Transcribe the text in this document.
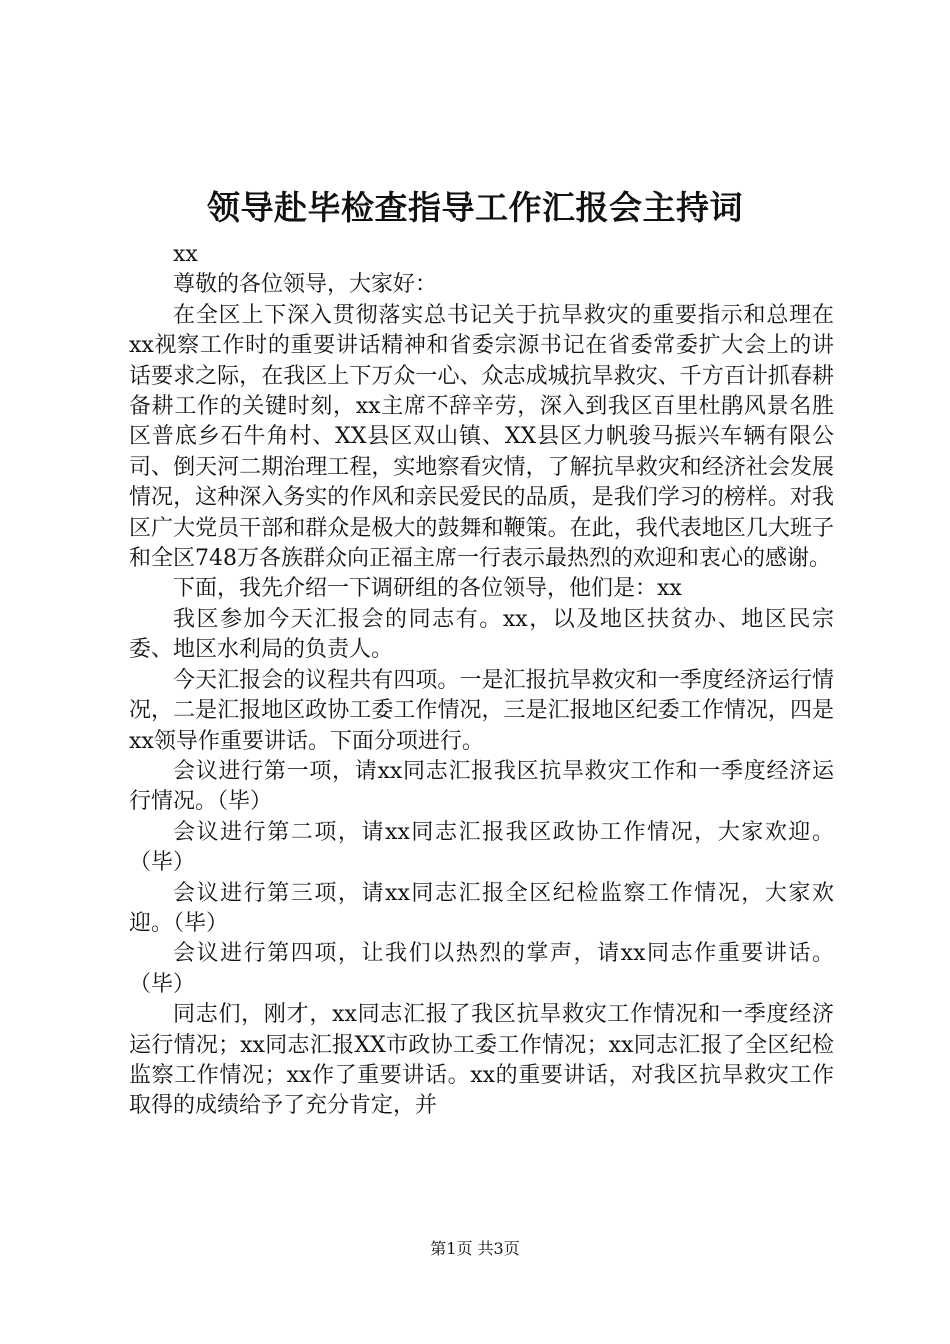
领导赴毕检查指导工作汇报会主持词

xx

尊敬的各位领导，大家好：

在全区上下深入贯彻落实总书记关于抗旱救灾的重要指示和总理在xx视察工作时的重要讲话精神和省委宗源书记在省委常委扩大会上的讲话要求之际，在我区上下万众一心、众志成城抗旱救灾、千方百计抓春耕备耕工作的关键时刻，xx主席不辞辛劳，深入到我区百里杜鹃风景名胜区普底乡石牛角村、XX县区双山镇、XX县区力帆骏马振兴车辆有限公司、倒天河二期治理工程，实地察看灾情，了解抗旱救灾和经济社会发展情况，这种深入务实的作风和亲民爱民的品质，是我们学习的榜样。对我区广大党员干部和群众是极大的鼓舞和鞭策。在此，我代表地区几大班子和全区748万各族群众向正福主席一行表示最热烈的欢迎和衷心的感谢。

下面，我先介绍一下调研组的各位领导，他们是：xx

我区参加今天汇报会的同志有。xx，以及地区扶贫办、地区民宗委、地区水利局的负责人。

今天汇报会的议程共有四项。一是汇报抗旱救灾和一季度经济运行情况，二是汇报地区政协工委工作情况，三是汇报地区纪委工作情况，四是xx领导作重要讲话。下面分项进行。

会议进行第一项，请xx同志汇报我区抗旱救灾工作和一季度经济运行情况。（毕）

会议进行第二项，请xx同志汇报我区政协工作情况，大家欢迎。（毕）

会议进行第三项，请xx同志汇报全区纪检监察工作情况，大家欢迎。（毕）

会议进行第四项，让我们以热烈的掌声，请xx同志作重要讲话。（毕）

同志们，刚才，xx同志汇报了我区抗旱救灾工作情况和一季度经济运行情况；xx同志汇报XX市政协工委工作情况；xx同志汇报了全区纪检监察工作情况；xx作了重要讲话。xx的重要讲话，对我区抗旱救灾工作取得的成绩给予了充分肯定，并

第1页 共3页
